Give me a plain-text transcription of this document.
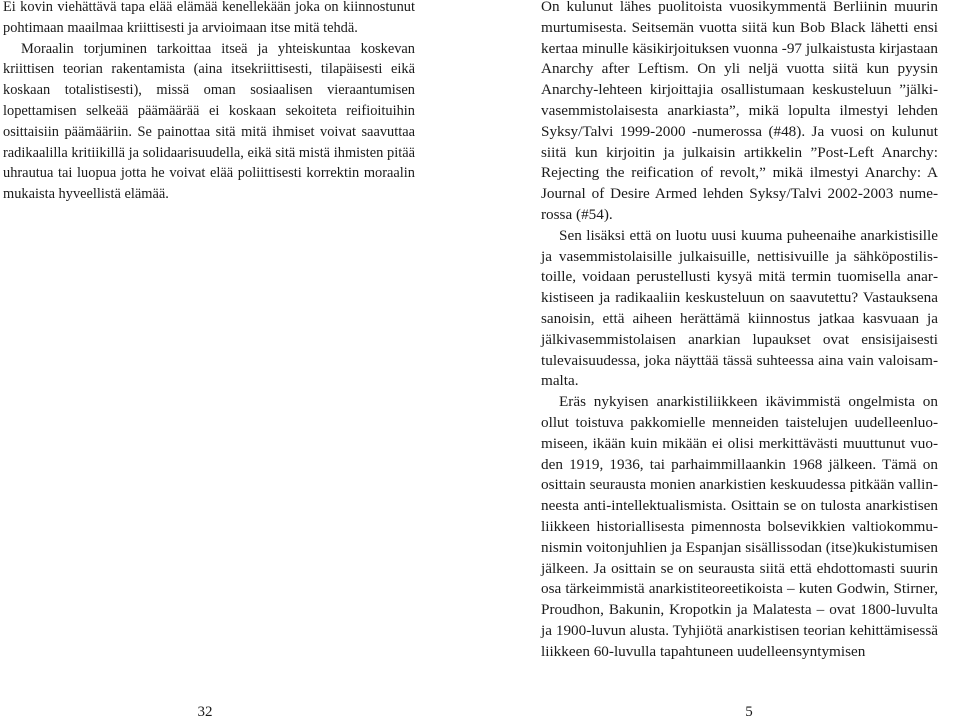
Ei kovin viehättävä tapa elää elämää kenellekään joka on kiinnostunut pohtimaan maailmaa kriittisesti ja arvioimaan itse mitä tehdä.

Moraalin torjuminen tarkoittaa itseä ja yhteiskuntaa koskevan kriittisen teorian rakentamista (aina itsekriittisesti, tilapäisesti eikä koskaan totalistisesti), missä oman sosiaalisen vieraantumisen lopettamisen selkeää päämäärää ei koskaan sekoiteta reifioituihin osittaisiin päämääriin. Se painottaa sitä mitä ihmiset voivat saavuttaa radikaalilla kritiikillä ja solidaarisuudella, eikä sitä mistä ihmisten pitää uhrautua tai luopua jotta he voivat elää poliittisesti korrektin moraalin mukaista hyveellistä elämää.

32

On kulunut lähes puolitoista vuosikymmentä Berliinin muurin murtumisesta. Seitsemän vuotta siitä kun Bob Black lähetti ensi kertaa minulle käsikirjoituksen vuonna -97 julkaistusta kirjastaan Anarchy after Leftism. On yli neljä vuotta siitä kun pyysin Anarchy-lehteen kirjoittajia osallistumaan keskusteluun ”jälkivasemmistolaisesta anarkiasta”, mikä lopulta ilmestyi lehden Syksy/Talvi 1999-2000 -numerossa (#48). Ja vuosi on kulunut siitä kun kirjoitin ja julkaisin artikkelin ”Post-Left Anarchy: Rejecting the reification of revolt,” mikä ilmestyi Anarchy: A Journal of Desire Armed lehden Syksy/Talvi 2002-2003 numerossa (#54).

Sen lisäksi että on luotu uusi kuuma puheenaihe anarkistisille ja vasemmistolaisille julkaisuille, nettisivuille ja sähköpostilistoille, voidaan perustellusti kysyä mitä termin tuomisella anarkistiseen ja radikaaliin keskusteluun on saavutettu? Vastauksena sanoisin, että aiheen herättämä kiinnostus jatkaa kasvuaan ja jälkivasemmistolaisen anarkian lupaukset ovat ensisijaisesti tulevaisuudessa, joka näyttää tässä suhteessa aina vain valoisammalta.

Eräs nykyisen anarkistiliikkeen ikävimmistä ongelmista on ollut toistuva pakkomielle menneiden taistelujen uudelleenluomiseen, ikään kuin mikään ei olisi merkittävästi muuttunut vuoden 1919, 1936, tai parhaimmillaankin 1968 jälkeen. Tämä on osittain seurausta monien anarkistien keskuudessa pitkään vallinneesta anti-intellektualismista. Osittain se on tulosta anarkistisen liikkeen historiallisesta pimennosta bolsevikkien valtiokommunismin voitonjuhlien ja Espanjan sisällissodan (itse)kukistumisen jälkeen. Ja osittain se on seurausta siitä että ehdottomasti suurin osa tärkeimmistä anarkistiteoreetikoista – kuten Godwin, Stirner, Proudhon, Bakunin, Kropotkin ja Malatesta – ovat 1800-luvulta ja 1900-luvun alusta. Tyhjiötä anarkistisen teorian kehittämisessä liikkeen 60-luvulla tapahtuneen uudelleensyntymisen

5
